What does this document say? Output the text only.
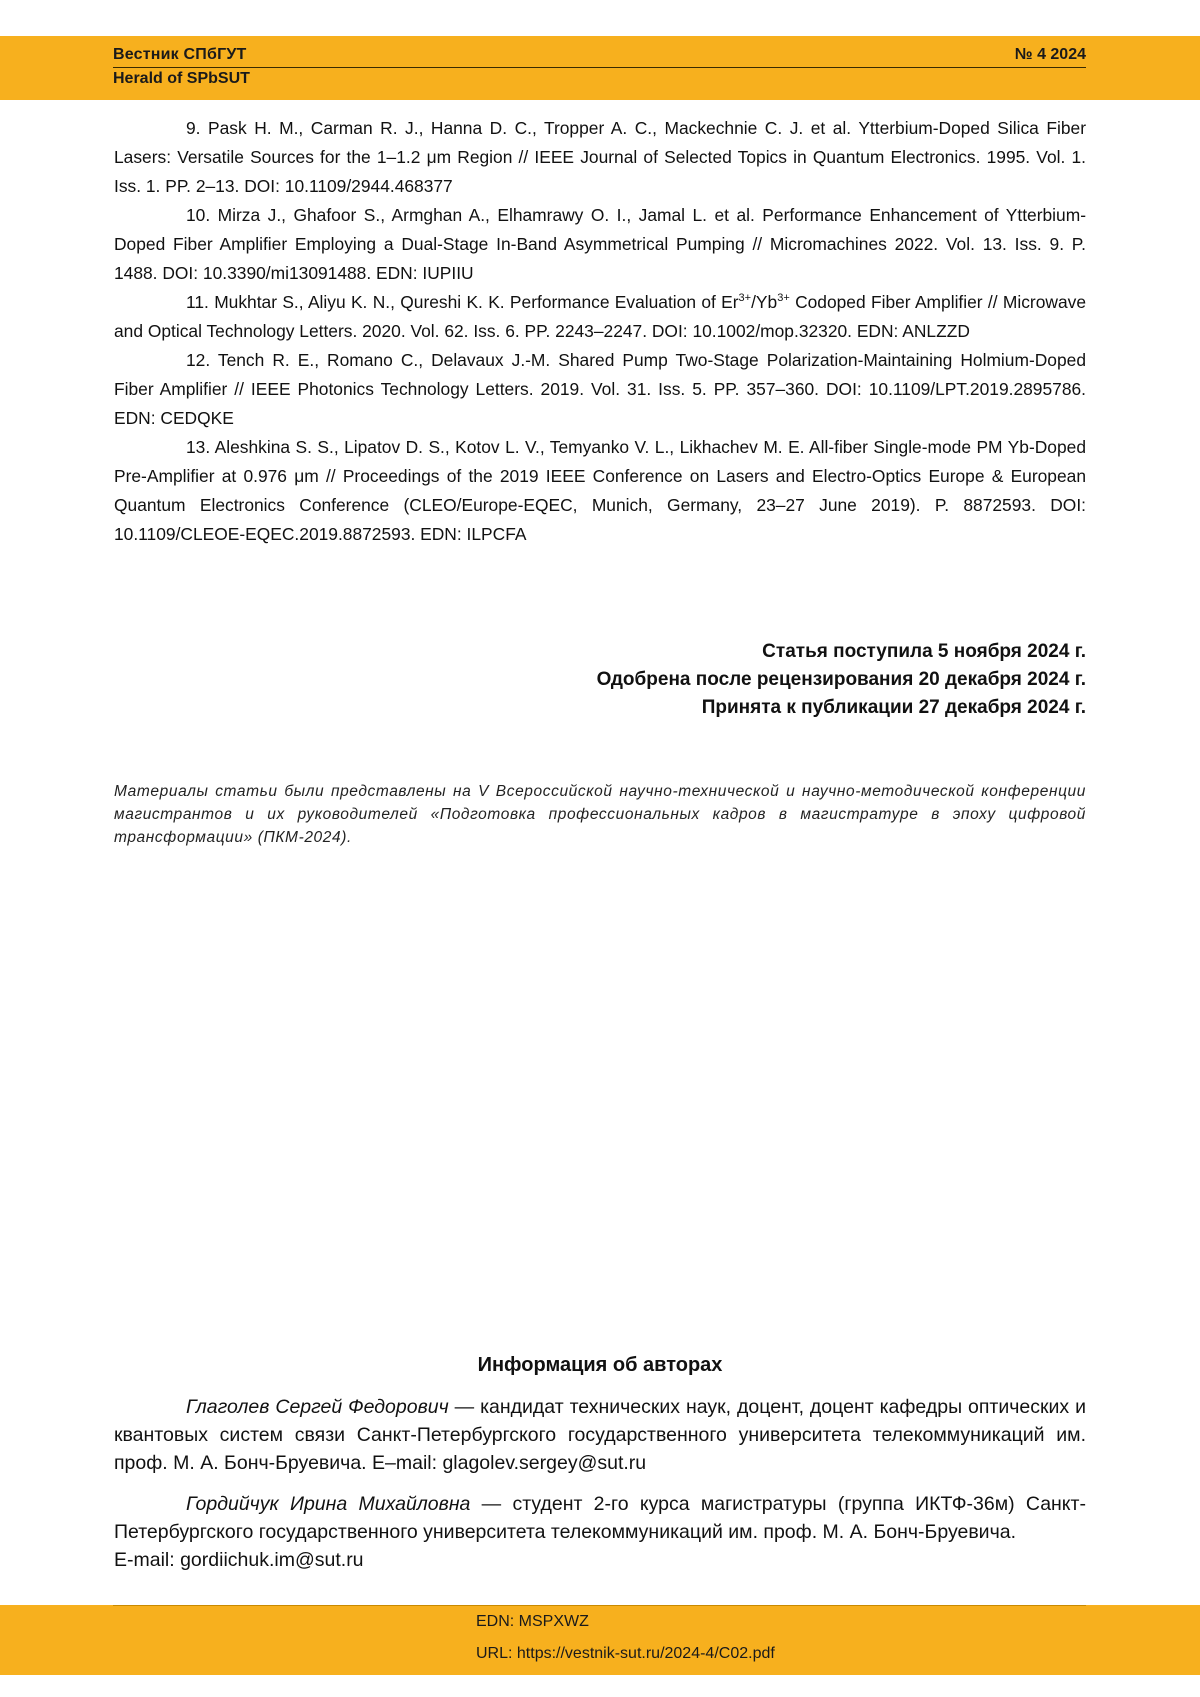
Вестник СПбГУТ
Herald of SPbSUT
№ 4 2024

9. Pask H. M., Carman R. J., Hanna D. C., Tropper A. C., Mackechnie C. J. et al. Ytterbium-Doped Silica Fiber Lasers: Versatile Sources for the 1–1.2 μm Region // IEEE Journal of Selected Topics in Quantum Electronics. 1995. Vol. 1. Iss. 1. PP. 2–13. DOI: 10.1109/2944.468377

10. Mirza J., Ghafoor S., Armghan A., Elhamrawy O. I., Jamal L. et al. Performance Enhancement of Ytterbium-Doped Fiber Amplifier Employing a Dual-Stage In-Band Asymmetrical Pumping // Micromachines 2022. Vol. 13. Iss. 9. P. 1488. DOI: 10.3390/mi13091488. EDN: IUPIIU

11. Mukhtar S., Aliyu K. N., Qureshi K. K. Performance Evaluation of $Er^{3+}/Yb^{3+}$ Codoped Fiber Amplifier // Microwave and Optical Technology Letters. 2020. Vol. 62. Iss. 6. PP. 2243–2247. DOI: 10.1002/mop.32320. EDN: ANLZZD

12. Tench R. E., Romano C., Delavaux J.-M. Shared Pump Two-Stage Polarization-Maintaining Holmium-Doped Fiber Amplifier // IEEE Photonics Technology Letters. 2019. Vol. 31. Iss. 5. PP. 357–360. DOI: 10.1109/LPT.2019.2895786. EDN: CEDQKE

13. Aleshkina S. S., Lipatov D. S., Kotov L. V., Temyanko V. L., Likhachev M. E. All-fiber Single-mode PM Yb-Doped Pre-Amplifier at 0.976 μm // Proceedings of the 2019 IEEE Conference on Lasers and Electro-Optics Europe & European Quantum Electronics Conference (CLEO/Europe-EQEC, Munich, Germany, 23–27 June 2019). P. 8872593. DOI: 10.1109/CLEOE-EQEC.2019.8872593. EDN: ILPCFA

Статья поступила 5 ноября 2024 г.
Одобрена после рецензирования 20 декабря 2024 г.
Принята к публикации 27 декабря 2024 г.
Материалы статьи были представлены на V Всероссийской научно-технической и научно-методической конференции магистрантов и их руководителей «Подготовка профессиональных кадров в магистратуре в эпоху цифровой трансформации» (ПКМ-2024).
Информация об авторах

Глаголев Сергей Федорович — кандидат технических наук, доцент, доцент кафедры оптических и квантовых систем связи Санкт-Петербургского государственного университета телекоммуникаций им. проф. М. А. Бонч-Бруевича. E–mail: glagolev.sergey@sut.ru

Гордийчук Ирина Михайловна — студент 2-го курса магистратуры (группа ИКТФ-36м) Санкт-Петербургского государственного университета телекоммуникаций им. проф. М. А. Бонч-Бруевича.

E-mail: gordiichuk.im@sut.ru
EDN: MSPXWZ
URL: https://vestnik-sut.ru/2024-4/C02.pdf
